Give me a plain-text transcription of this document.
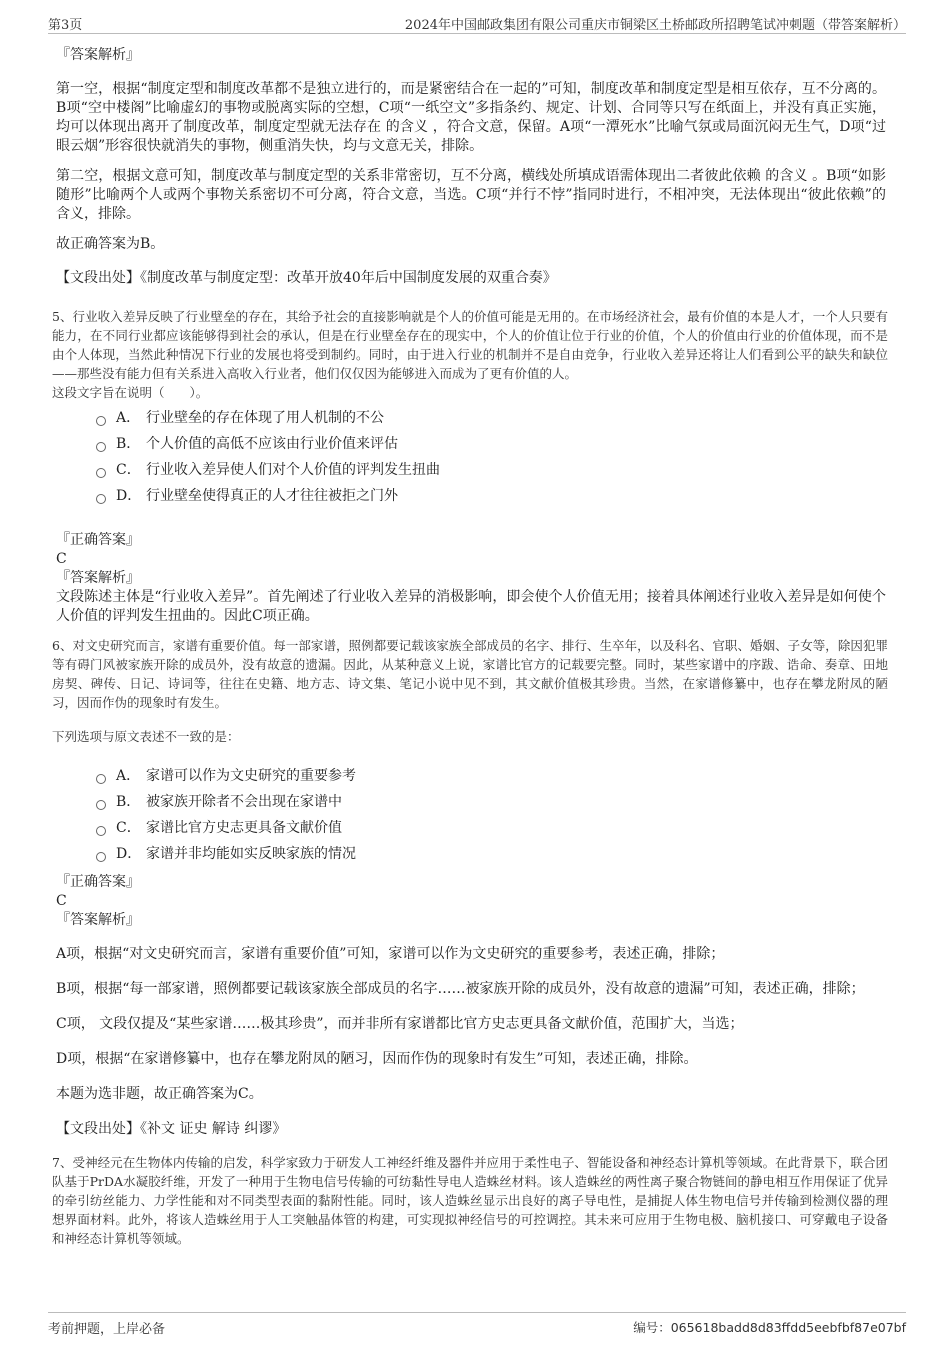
第3页	2024年中国邮政集团有限公司重庆市铜梁区土桥邮政所招聘笔试冲刺题（带答案解析）
『答案解析』
第一空，根据“制度定型和制度改革都不是独立进行的，而是紧密结合在一起的”可知，制度改革和制度定型是相互依存，互不分离的。B项“空中楼阁”比喻虚幻的事物或脱离实际的空想，C项“一纸空文”多指条约、规定、计划、合同等只写在纸面上，并没有真正实施，均可以体现出离开了制度改革，制度定型就无法存在 的含义 ，符合文意，保留。A项“一潭死水”比喻气氛或局面沉闷无生气，D项“过眼云烟”形容很快就消失的事物，侧重消失快，均与文意无关，排除。
第二空，根据文意可知，制度改革与制度定型的关系非常密切，互不分离，横线处所填成语需体现出二者彼此依赖 的含义 。B项“如影随形”比喻两个人或两个事物关系密切不可分离，符合文意，当选。C项“并行不悖”指同时进行，不相冲突，无法体现出“彼此依赖”的含义，排除。
故正确答案为B。
【文段出处】《制度改革与制度定型：改革开放40年后中国制度发展的双重合奏》
5、行业收入差异反映了行业壁垒的存在，其给予社会的直接影响就是个人的价值可能是无用的。在市场经济社会，最有价值的本是人才，一个人只要有能力，在不同行业都应该能够得到社会的承认，但是在行业壁垒存在的现实中，个人的价值让位于行业的价值，个人的价值由行业的价值体现，而不是由个人体现，当然此种情况下行业的发展也将受到制约。同时，由于进入行业的机制并不是自由竞争，行业收入差异还将让人们看到公平的缺失和缺位——那些没有能力但有关系进入高收入行业者，他们仅仅因为能够进入而成为了更有价值的人。
这段文字旨在说明（　　）。
A． 行业壁垒的存在体现了用人机制的不公
B． 个人价值的高低不应该由行业价值来评估
C． 行业收入差异使人们对个人价值的评判发生扭曲
D． 行业壁垒使得真正的人才往往被拒之门外
『正确答案』
C
『答案解析』
文段陈述主体是“行业收入差异”。首先阐述了行业收入差异的消极影响，即会使个人价值无用；接着具体阐述行业收入差异是如何使个人价值的评判发生扭曲的。因此C项正确。
6、对文史研究而言，家谱有重要价值。每一部家谱，照例都要记载该家族全部成员的名字、排行、生卒年，以及科名、官职、婚姻、子女等，除因犯罪等有碍门风被家族开除的成员外，没有故意的遗漏。因此，从某种意义上说，家谱比官方的记载要完整。同时，某些家谱中的序跋、诰命、奏章、田地房契、碑传、日记、诗词等，往往在史籍、地方志、诗文集、笔记小说中见不到，其文献价值极其珍贵。当然，在家谱修纂中，也存在攀龙附凤的陋习，因而作伪的现象时有发生。
下列选项与原文表述不一致的是：
A． 家谱可以作为文史研究的重要参考
B． 被家族开除者不会出现在家谱中
C． 家谱比官方史志更具备文献价值
D． 家谱并非均能如实反映家族的情况
『正确答案』
C
『答案解析』
A项，根据“对文史研究而言，家谱有重要价值”可知，家谱可以作为文史研究的重要参考，表述正确，排除；
B项，根据“每一部家谱，照例都要记载该家族全部成员的名字……被家族开除的成员外，没有故意的遗漏”可知，表述正确，排除；
C项， 文段仅提及“某些家谱……极其珍贵”，而并非所有家谱都比官方史志更具备文献价值，范围扩大，当选；
D项，根据“在家谱修纂中，也存在攀龙附凤的陋习，因而作伪的现象时有发生”可知，表述正确，排除。
本题为选非题，故正确答案为C。
【文段出处】《补文 证史 解诗 纠谬》
7、受神经元在生物体内传输的启发，科学家致力于研发人工神经纤维及器件并应用于柔性电子、智能设备和神经态计算机等领域。在此背景下，联合团队基于PrDA水凝胶纤维，开发了一种用于生物电信号传输的可纺黏性导电人造蛛丝材料。该人造蛛丝的两性离子聚合物链间的静电相互作用保证了优异的牵引纺丝能力、力学性能和对不同类型表面的黏附性能。同时，该人造蛛丝显示出良好的离子导电性，是捕捉人体生物电信号并传输到检测仪器的理想界面材料。此外，将该人造蛛丝用于人工突触晶体管的构建，可实现拟神经信号的可控调控。其未来可应用于生物电极、脑机接口、可穿戴电子设备和神经态计算机等领域。
考前押题，上岸必备	编号：065618badd8d83ffdd5eebfbf87e07bf
